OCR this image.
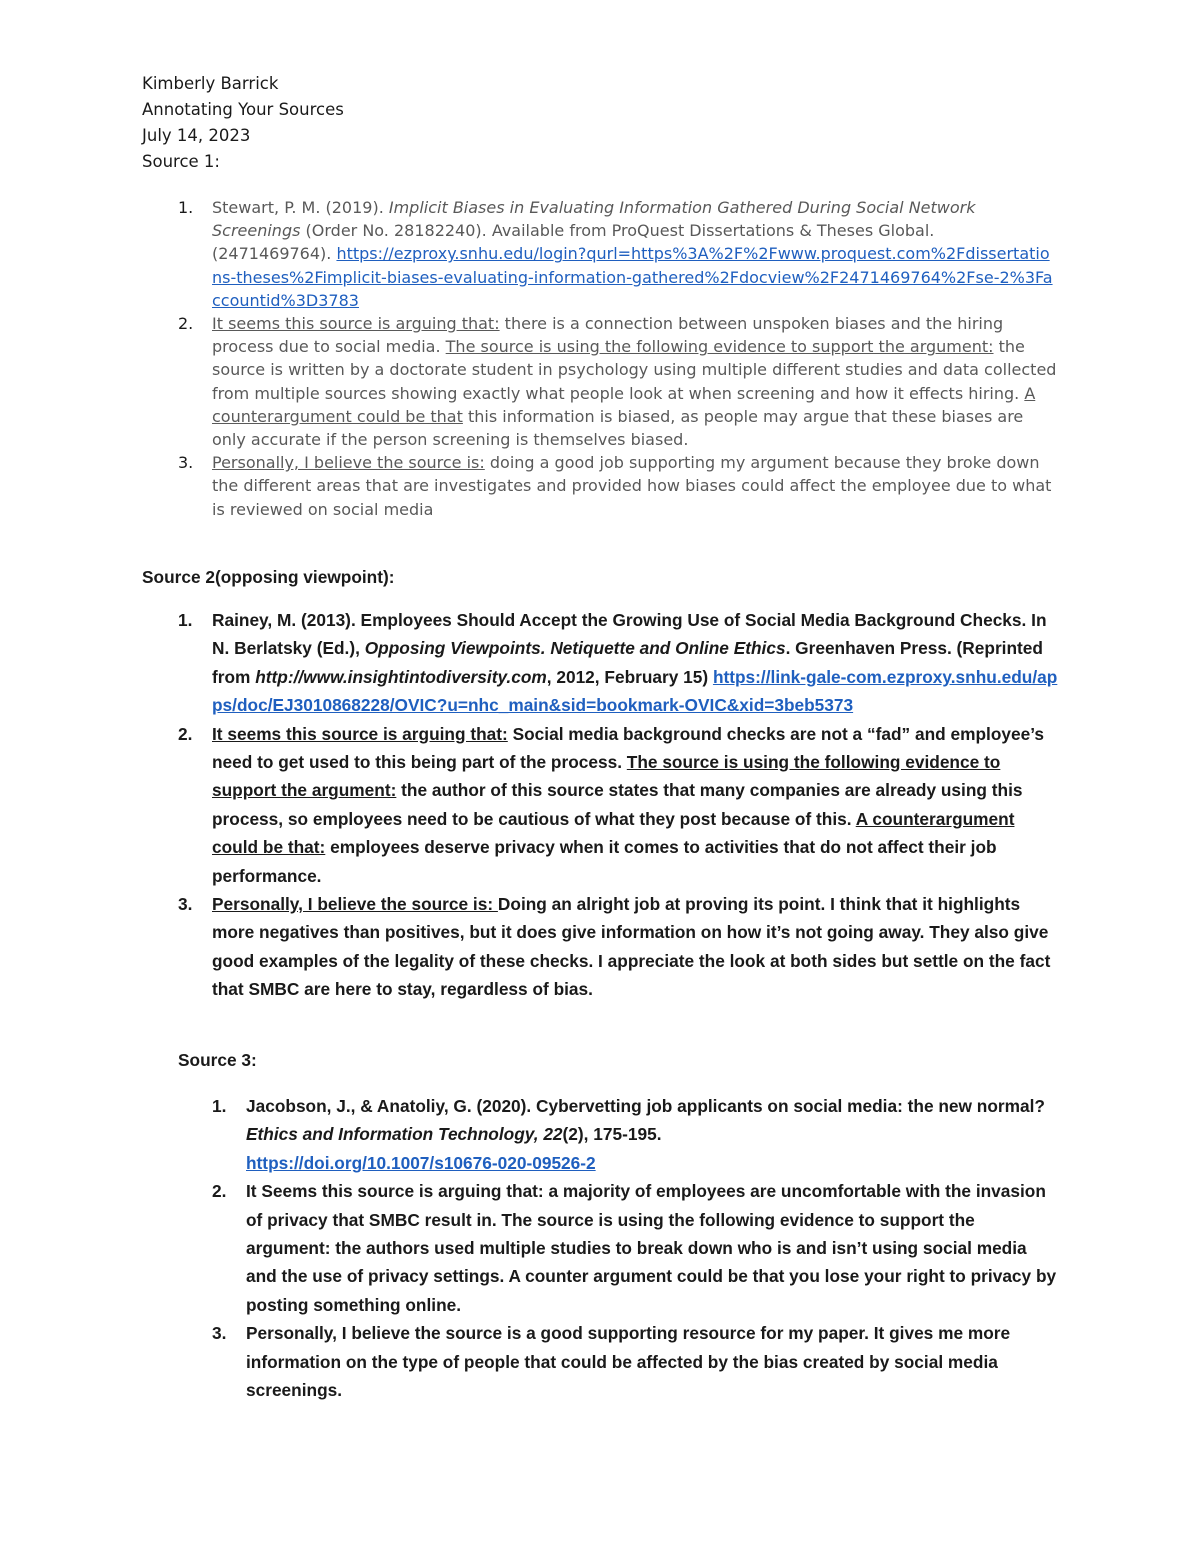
Kimberly Barrick
Annotating Your Sources
July 14, 2023
Source 1:
1.	Stewart, P. M. (2019). Implicit Biases in Evaluating Information Gathered During Social Network Screenings (Order No. 28182240). Available from ProQuest Dissertations & Theses Global. (2471469764). https://ezproxy.snhu.edu/login?qurl=https%3A%2F%2Fwww.proquest.com%2Fdissertations-theses%2Fimplicit-biases-evaluating-information-gathered%2Fdocview%2F2471469764%2Fse-2%3Faccountid%3D3783
2.	It seems this source is arguing that: there is a connection between unspoken biases and the hiring process due to social media. The source is using the following evidence to support the argument: the source is written by a doctorate student in psychology using multiple different studies and data collected from multiple sources showing exactly what people look at when screening and how it effects hiring. A counterargument could be that this information is biased, as people may argue that these biases are only accurate if the person screening is themselves biased.
3.	Personally, I believe the source is: doing a good job supporting my argument because they broke down the different areas that are investigates and provided how biases could affect the employee due to what is reviewed on social media
Source 2(opposing viewpoint):
1.	Rainey, M. (2013). Employees Should Accept the Growing Use of Social Media Background Checks. In N. Berlatsky (Ed.), Opposing Viewpoints. Netiquette and Online Ethics. Greenhaven Press. (Reprinted from http://www.insightintodiversity.com, 2012, February 15) https://link-gale-com.ezproxy.snhu.edu/apps/doc/EJ3010868228/OVIC?u=nhc_main&sid=bookmark-OVIC&xid=3beb5373
2.	It seems this source is arguing that: Social media background checks are not a “fad” and employee’s need to get used to this being part of the process. The source is using the following evidence to support the argument: the author of this source states that many companies are already using this process, so employees need to be cautious of what they post because of this. A counterargument could be that: employees deserve privacy when it comes to activities that do not affect their job performance.
3.	Personally, I believe the source is: Doing an alright job at proving its point. I think that it highlights more negatives than positives, but it does give information on how it’s not going away. They also give good examples of the legality of these checks. I appreciate the look at both sides but settle on the fact that SMBC are here to stay, regardless of bias.
Source 3:
1.	Jacobson, J., & Anatoliy, G. (2020). Cybervetting job applicants on social media: the new normal? Ethics and Information Technology, 22(2), 175-195.
https://doi.org/10.1007/s10676-020-09526-2
2.	It Seems this source is arguing that: a majority of employees are uncomfortable with the invasion of privacy that SMBC result in. The source is using the following evidence to support the argument: the authors used multiple studies to break down who is and isn’t using social media and the use of privacy settings. A counter argument could be that you lose your right to privacy by posting something online.
3.	Personally, I believe the source is a good supporting resource for my paper. It gives me more information on the type of people that could be affected by the bias created by social media screenings.
